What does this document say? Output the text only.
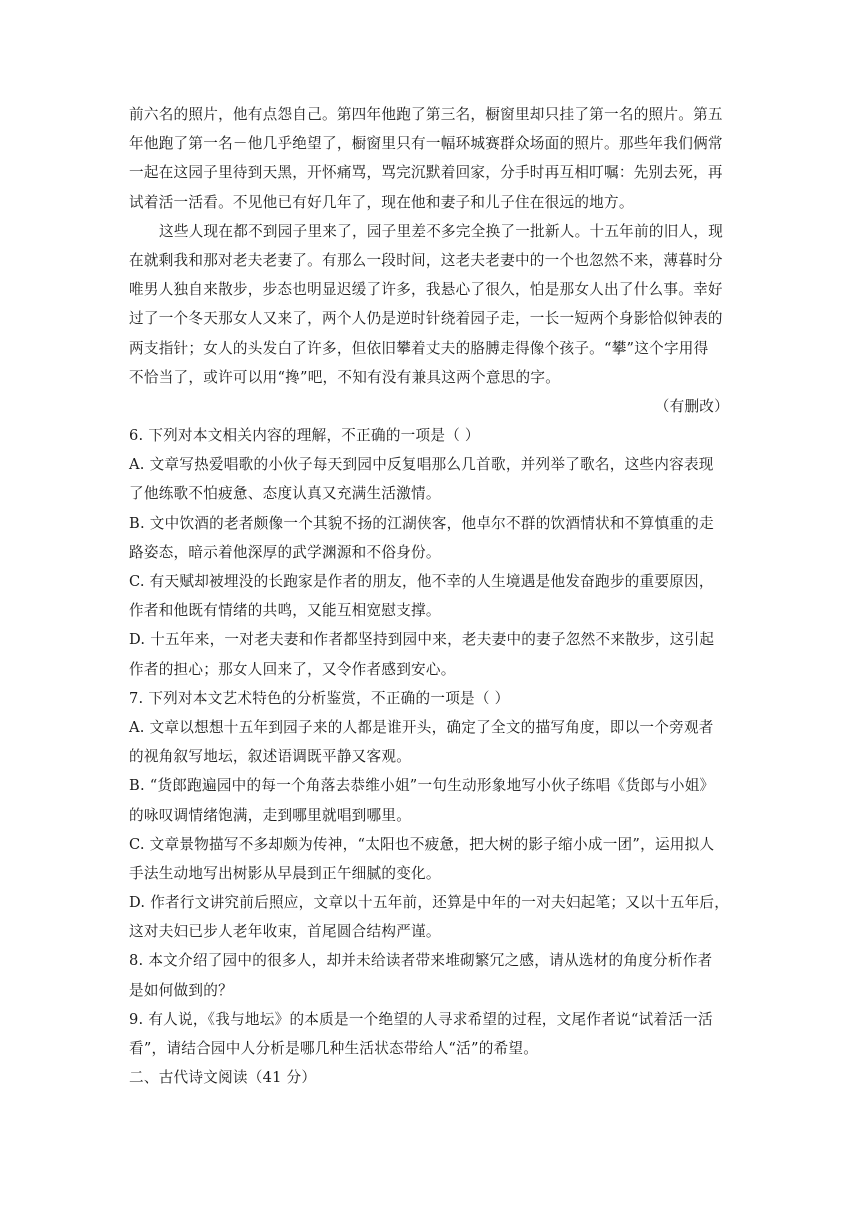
前六名的照片，他有点怨自己。第四年他跑了第三名，橱窗里却只挂了第一名的照片。第五
年他跑了第一名－他几乎绝望了，橱窗里只有一幅环城赛群众场面的照片。那些年我们俩常
一起在这园子里待到天黑，开怀痛骂，骂完沉默着回家，分手时再互相叮嘱：先别去死，再
试着活一活看。不见他已有好几年了，现在他和妻子和儿子住在很远的地方。
这些人现在都不到园子里来了，园子里差不多完全换了一批新人。十五年前的旧人，现
在就剩我和那对老夫老妻了。有那么一段时间，这老夫老妻中的一个也忽然不来，薄暮时分
唯男人独自来散步，步态也明显迟缓了许多，我悬心了很久，怕是那女人出了什么事。幸好
过了一个冬天那女人又来了，两个人仍是逆时针绕着园子走，一长一短两个身影恰似钟表的
两支指针；女人的头发白了许多，但依旧攀着丈夫的胳膊走得像个孩子。“攀”这个字用得
不恰当了，或许可以用“搀”吧，不知有没有兼具这两个意思的字。
（有删改）
6. 下列对本文相关内容的理解，不正确的一项是（ ）
A. 文章写热爱唱歌的小伙子每天到园中反复唱那么几首歌，并列举了歌名，这些内容表现
了他练歌不怕疲惫、态度认真又充满生活激情。
B. 文中饮酒的老者颇像一个其貌不扬的江湖侠客，他卓尔不群的饮酒情状和不算慎重的走
路姿态，暗示着他深厚的武学渊源和不俗身份。
C. 有天赋却被埋没的长跑家是作者的朋友，他不幸的人生境遇是他发奋跑步的重要原因，
作者和他既有情绪的共鸣，又能互相宽慰支撑。
D. 十五年来，一对老夫妻和作者都坚持到园中来，老夫妻中的妻子忽然不来散步，这引起
作者的担心；那女人回来了，又令作者感到安心。
7. 下列对本文艺术特色的分析鉴赏，不正确的一项是（ ）
A. 文章以想想十五年到园子来的人都是谁开头，确定了全文的描写角度，即以一个旁观者
的视角叙写地坛，叙述语调既平静又客观。
B. “货郎跑遍园中的每一个角落去恭维小姐”一句生动形象地写小伙子练唱《货郎与小姐》
的咏叹调情绪饱满，走到哪里就唱到哪里。
C. 文章景物描写不多却颇为传神，“太阳也不疲惫，把大树的影子缩小成一团”，运用拟人
手法生动地写出树影从早晨到正午细腻的变化。
D. 作者行文讲究前后照应，文章以十五年前，还算是中年的一对夫妇起笔；又以十五年后，
这对夫妇已步人老年收束，首尾圆合结构严谨。
8. 本文介绍了园中的很多人，却并未给读者带来堆砌繁冗之感，请从选材的角度分析作者
是如何做到的？
9. 有人说，《我与地坛》的本质是一个绝望的人寻求希望的过程，文尾作者说“试着活一活
看”，请结合园中人分析是哪几种生活状态带给人“活”的希望。
二、古代诗文阅读（41 分）
